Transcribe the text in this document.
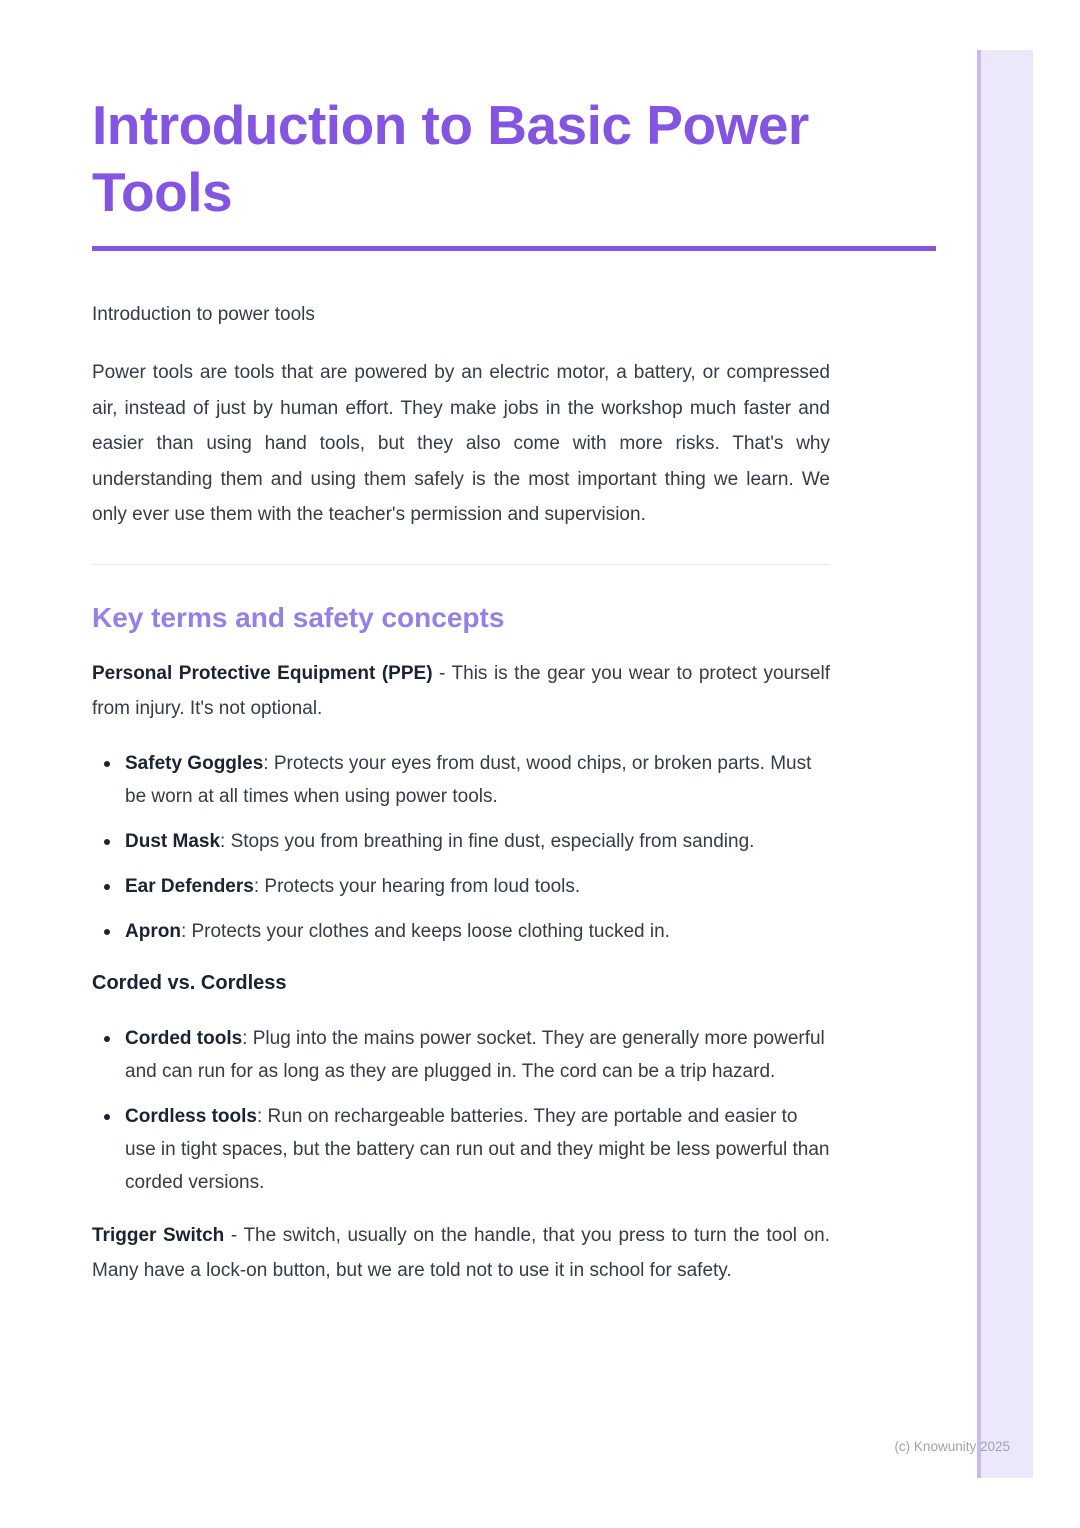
Introduction to Basic Power Tools

Introduction to power tools

Power tools are tools that are powered by an electric motor, a battery, or compressed air, instead of just by human effort. They make jobs in the workshop much faster and easier than using hand tools, but they also come with more risks. That's why understanding them and using them safely is the most important thing we learn. We only ever use them with the teacher's permission and supervision.

Key terms and safety concepts

Personal Protective Equipment (PPE) - This is the gear you wear to protect yourself from injury. It's not optional.

Safety Goggles: Protects your eyes from dust, wood chips, or broken parts. Must be worn at all times when using power tools.
Dust Mask: Stops you from breathing in fine dust, especially from sanding.
Ear Defenders: Protects your hearing from loud tools.
Apron: Protects your clothes and keeps loose clothing tucked in.
Corded vs. Cordless
Corded tools: Plug into the mains power socket. They are generally more powerful and can run for as long as they are plugged in. The cord can be a trip hazard.
Cordless tools: Run on rechargeable batteries. They are portable and easier to use in tight spaces, but the battery can run out and they might be less powerful than corded versions.

Trigger Switch - The switch, usually on the handle, that you press to turn the tool on. Many have a lock-on button, but we are told not to use it in school for safety.

(c) Knowunity 2025
